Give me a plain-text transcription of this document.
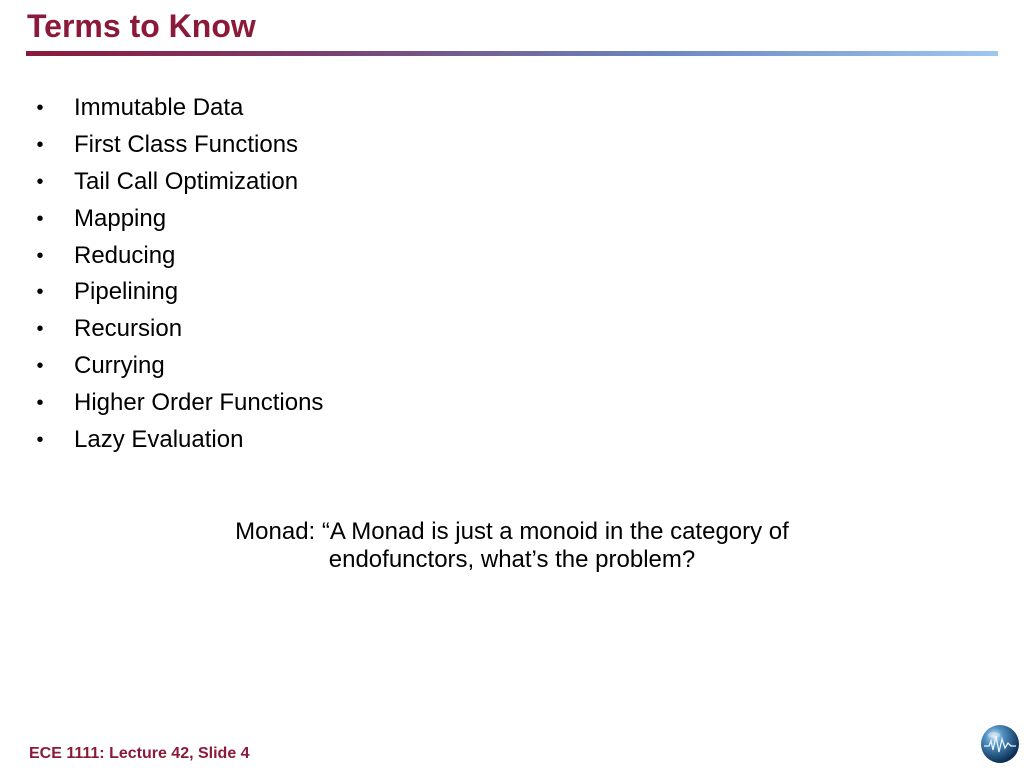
Terms to Know
• Immutable Data
• First Class Functions
• Tail Call Optimization
• Mapping
• Reducing
• Pipelining
• Recursion
• Currying
• Higher Order Functions
• Lazy Evaluation
Monad: “A Monad is just a monoid in the category of
endofunctors, what’s the problem?
ECE 1111: Lecture 42, Slide 4
